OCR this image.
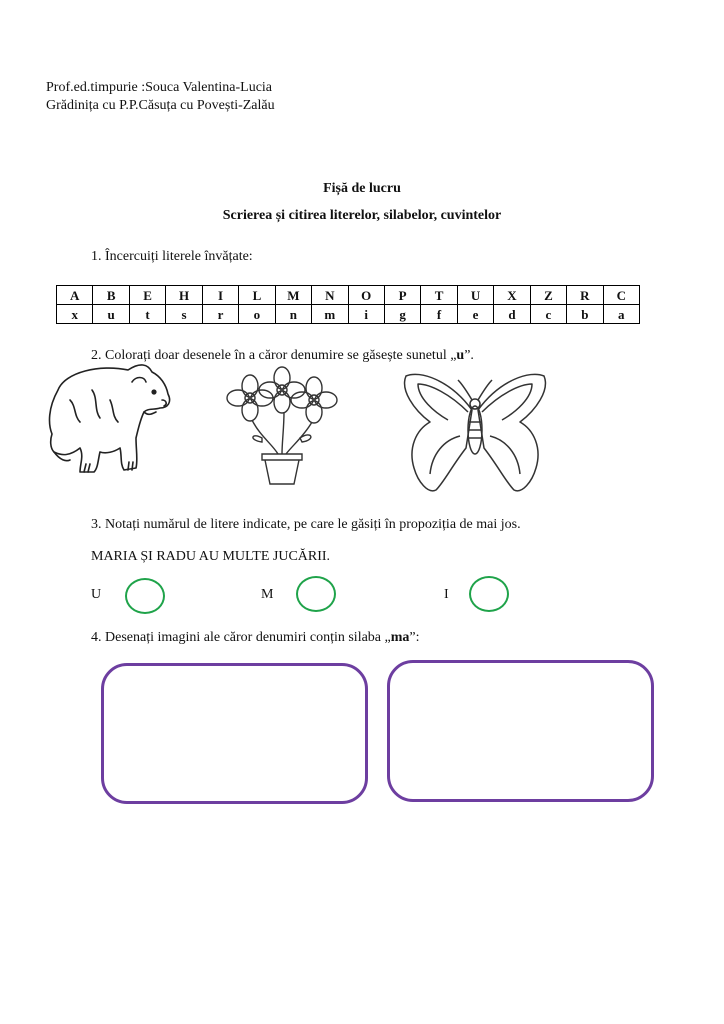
Prof.ed.timpurie :Souca Valentina-Lucia
Grădinița cu P.P.Căsuța cu Povești-Zalău
Fișă de lucru
Scrierea și citirea literelor, silabelor, cuvintelor
1. Încercuiți literele învățate:
A	B	E	H	I	L	M	N	O	P	T	U	X	Z	R	C
x	u	t	s	r	o	n	m	i	g	f	e	d	c	b	a
2. Colorați doar desenele în a căror denumire se găsește sunetul „u”.
3. Notați numărul de litere indicate, pe care le găsiți în propoziția de mai jos.
MARIA ȘI RADU AU MULTE JUCĂRII.
U	M	I
4. Desenați imagini ale căror denumiri conțin silaba „ma”:
